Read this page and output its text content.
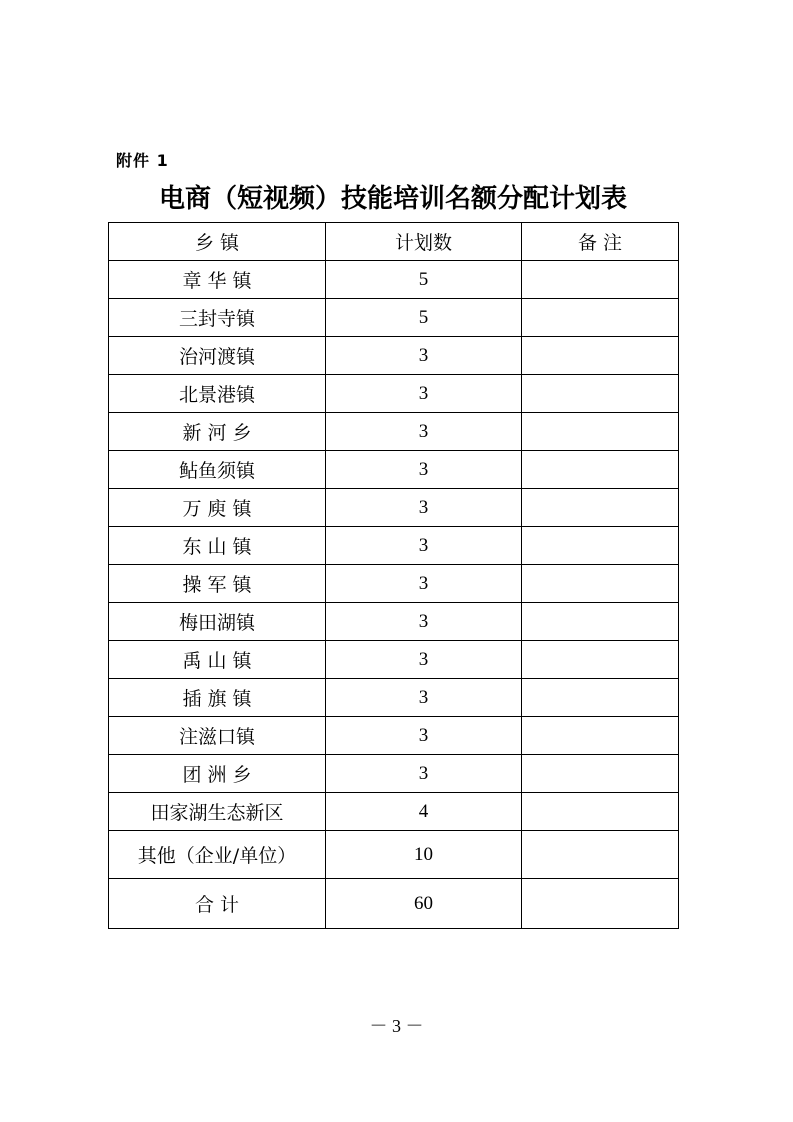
附件 1
电商（短视频）技能培训名额分配计划表
乡 镇	计划数	备 注
章 华 镇	5	
三封寺镇	5	
治河渡镇	3	
北景港镇	3	
新 河 乡	3	
鲇鱼须镇	3	
万 庾 镇	3	
东 山 镇	3	
操 军 镇	3	
梅田湖镇	3	
禹 山 镇	3	
插 旗 镇	3	
注滋口镇	3	
团 洲 乡	3	
田家湖生态新区	4	
其他（企业/单位）	10	
合 计	60	
－ 3 －
